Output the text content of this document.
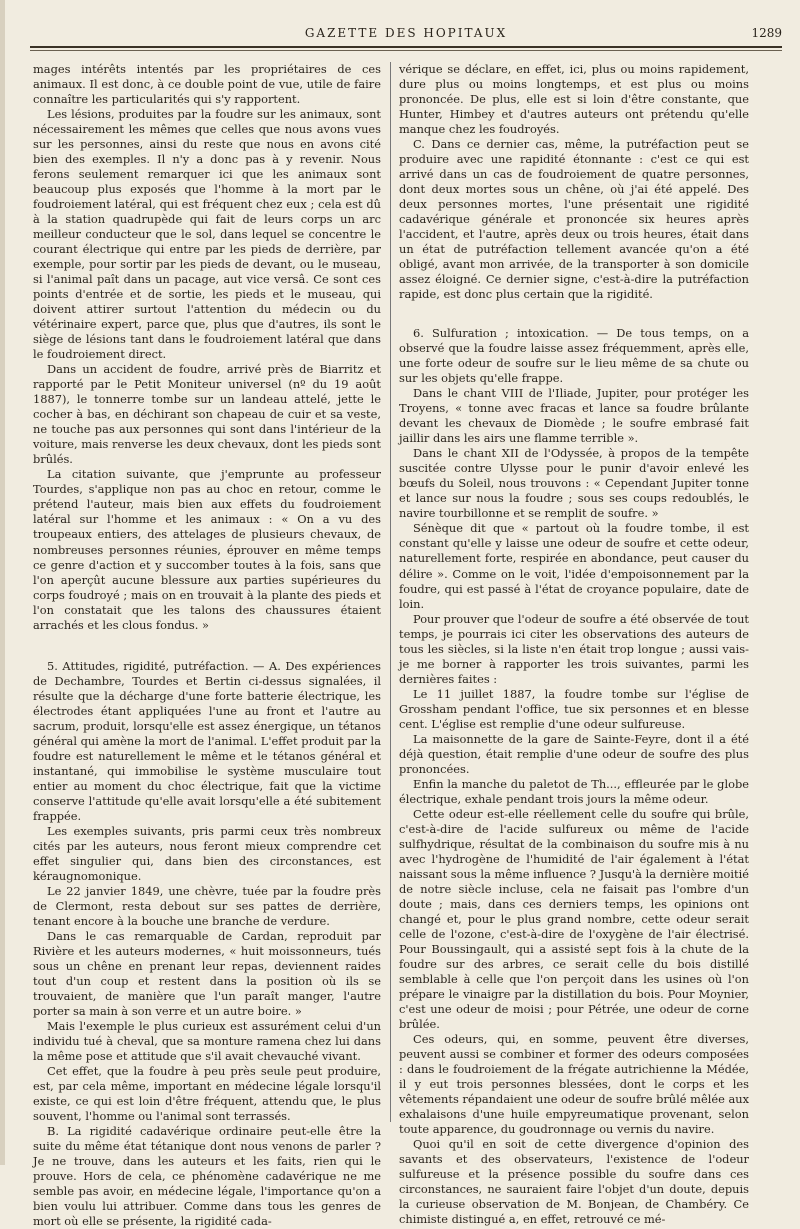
GAZETTE DES HOPITAUX	1289

mages intérêts intentés par les propriétaires de ces animaux. Il est donc, à ce double point de vue, utile de faire connaître les particularités qui s'y rapportent.

Les lésions, produites par la foudre sur les animaux, sont nécessairement les mêmes que celles que nous avons vues sur les personnes, ainsi du reste que nous en avons cité bien des exemples. Il n'y a donc pas à y revenir. Nous ferons seulement remarquer ici que les animaux sont beaucoup plus exposés que l'homme à la mort par le foudroiement latéral, qui est fréquent chez eux ; cela est dû à la station quadrupède qui fait de leurs corps un arc meilleur conducteur que le sol, dans lequel se concentre le courant électrique qui entre par les pieds de derrière, par exemple, pour sortir par les pieds de devant, ou le museau, si l'animal paît dans un pacage, aut vice versâ. Ce sont ces points d'entrée et de sortie, les pieds et le museau, qui doivent attirer surtout l'attention du médecin ou du vétérinaire expert, parce que, plus que d'autres, ils sont le siège de lésions tant dans le foudroiement latéral que dans le foudroiement direct.

Dans un accident de foudre, arrivé près de Biarritz et rapporté par le Petit Moniteur universel (nº du 19 août 1887), le tonnerre tombe sur un landeau attelé, jette le cocher à bas, en déchirant son chapeau de cuir et sa veste, ne touche pas aux personnes qui sont dans l'intérieur de la voiture, mais renverse les deux chevaux, dont les pieds sont brûlés.

La citation suivante, que j'emprunte au professeur Tourdes, s'applique non pas au choc en retour, comme le prétend l'auteur, mais bien aux effets du foudroiement latéral sur l'homme et les animaux : « On a vu des troupeaux entiers, des attelages de plusieurs chevaux, de nombreuses personnes réunies, éprouver en même temps ce genre d'action et y succomber toutes à la fois, sans que l'on aperçût aucune blessure aux parties supérieures du corps foudroyé ; mais on en trouvait à la plante des pieds et l'on constatait que les talons des chaussures étaient arrachés et les clous fondus. »

5. Attitudes, rigidité, putréfaction. — A. Des expériences de Dechambre, Tourdes et Bertin ci-dessus signalées, il résulte que la décharge d'une forte batterie électrique, les électrodes étant appliquées l'une au front et l'autre au sacrum, produit, lorsqu'elle est assez énergique, un tétanos général qui amène la mort de l'animal. L'effet produit par la foudre est naturellement le même et le tétanos général et instantané, qui immobilise le système musculaire tout entier au moment du choc électrique, fait que la victime conserve l'attitude qu'elle avait lorsqu'elle a été subitement frappée.

Les exemples suivants, pris parmi ceux très nombreux cités par les auteurs, nous feront mieux comprendre cet effet singulier qui, dans bien des circonstances, est kéraugnomonique.

Le 22 janvier 1849, une chèvre, tuée par la foudre près de Clermont, resta debout sur ses pattes de derrière, tenant encore à la bouche une branche de verdure.

Dans le cas remarquable de Cardan, reproduit par Rivière et les auteurs modernes, « huit moissonneurs, tués sous un chêne en prenant leur repas, deviennent raides tout d'un coup et restent dans la position où ils se trouvaient, de manière que l'un paraît manger, l'autre porter sa main à son verre et un autre boire. »

Mais l'exemple le plus curieux est assurément celui d'un individu tué à cheval, que sa monture ramena chez lui dans la même pose et attitude que s'il avait chevauché vivant.

Cet effet, que la foudre à peu près seule peut produire, est, par cela même, important en médecine légale lorsqu'il existe, ce qui est loin d'être fréquent, attendu que, le plus souvent, l'homme ou l'animal sont terrassés.

B. La rigidité cadavérique ordinaire peut-elle être la suite du même état tétanique dont nous venons de parler ? Je ne trouve, dans les auteurs et les faits, rien qui le prouve. Hors de cela, ce phénomène cadavérique ne me semble pas avoir, en médecine légale, l'importance qu'on a bien voulu lui attribuer. Comme dans tous les genres de mort où elle se présente, la rigidité cada-

vérique se déclare, en effet, ici, plus ou moins rapidement, dure plus ou moins longtemps, et est plus ou moins prononcée. De plus, elle est si loin d'être constante, que Hunter, Himbey et d'autres auteurs ont prétendu qu'elle manque chez les foudroyés.

C. Dans ce dernier cas, même, la putréfaction peut se produire avec une rapidité étonnante : c'est ce qui est arrivé dans un cas de foudroiement de quatre personnes, dont deux mortes sous un chêne, où j'ai été appelé. Des deux personnes mortes, l'une présentait une rigidité cadavérique générale et prononcée six heures après l'accident, et l'autre, après deux ou trois heures, était dans un état de putréfaction tellement avancée qu'on a été obligé, avant mon arrivée, de la transporter à son domicile assez éloigné. Ce dernier signe, c'est-à-dire la putréfaction rapide, est donc plus certain que la rigidité.

6. Sulfuration ; intoxication. — De tous temps, on a observé que la foudre laisse assez fréquemment, après elle, une forte odeur de soufre sur le lieu même de sa chute ou sur les objets qu'elle frappe.

Dans le chant VIII de l'Iliade, Jupiter, pour protéger les Troyens, « tonne avec fracas et lance sa foudre brûlante devant les chevaux de Diomède ; le soufre embrasé fait jaillir dans les airs une flamme terrible ».

Dans le chant XII de l'Odyssée, à propos de la tempête suscitée contre Ulysse pour le punir d'avoir enlevé les bœufs du Soleil, nous trouvons : « Cependant Jupiter tonne et lance sur nous la foudre ; sous ses coups redoublés, le navire tourbillonne et se remplit de soufre. »

Sénèque dit que « partout où la foudre tombe, il est constant qu'elle y laisse une odeur de soufre et cette odeur, naturellement forte, respirée en abondance, peut causer du délire ». Comme on le voit, l'idée d'empoisonnement par la foudre, qui est passé à l'état de croyance populaire, date de loin.

Pour prouver que l'odeur de soufre a été observée de tout temps, je pourrais ici citer les observations des auteurs de tous les siècles, si la liste n'en était trop longue ; aussi vais-je me borner à rapporter les trois suivantes, parmi les dernières faites :

Le 11 juillet 1887, la foudre tombe sur l'église de Grossham pendant l'office, tue six personnes et en blesse cent. L'église est remplie d'une odeur sulfureuse.

La maisonnette de la gare de Sainte-Feyre, dont il a été déjà question, était remplie d'une odeur de soufre des plus prononcées.

Enfin la manche du paletot de Th..., effleurée par le globe électrique, exhale pendant trois jours la même odeur.

Cette odeur est-elle réellement celle du soufre qui brûle, c'est-à-dire de l'acide sulfureux ou même de l'acide sulfhydrique, résultat de la combinaison du soufre mis à nu avec l'hydrogène de l'humidité de l'air également à l'état naissant sous la même influence ? Jusqu'à la dernière moitié de notre siècle incluse, cela ne faisait pas l'ombre d'un doute ; mais, dans ces derniers temps, les opinions ont changé et, pour le plus grand nombre, cette odeur serait celle de l'ozone, c'est-à-dire de l'oxygène de l'air électrisé. Pour Boussingault, qui a assisté sept fois à la chute de la foudre sur des arbres, ce serait celle du bois distillé semblable à celle que l'on perçoit dans les usines où l'on prépare le vinaigre par la distillation du bois. Pour Moynier, c'est une odeur de moisi ; pour Pétrée, une odeur de corne brûlée.

Ces odeurs, qui, en somme, peuvent être diverses, peuvent aussi se combiner et former des odeurs composées : dans le foudroiement de la frégate autrichienne la Médée, il y eut trois personnes blessées, dont le corps et les vêtements répandaient une odeur de soufre brûlé mêlée aux exhalaisons d'une huile empyreumatique provenant, selon toute apparence, du goudronnage ou vernis du navire.

Quoi qu'il en soit de cette divergence d'opinion des savants et des observateurs, l'existence de l'odeur sulfureuse et la présence possible du soufre dans ces circonstances, ne sauraient faire l'objet d'un doute, depuis la curieuse observation de M. Bonjean, de Chambéry. Ce chimiste distingué a, en effet, retrouvé ce mé-
